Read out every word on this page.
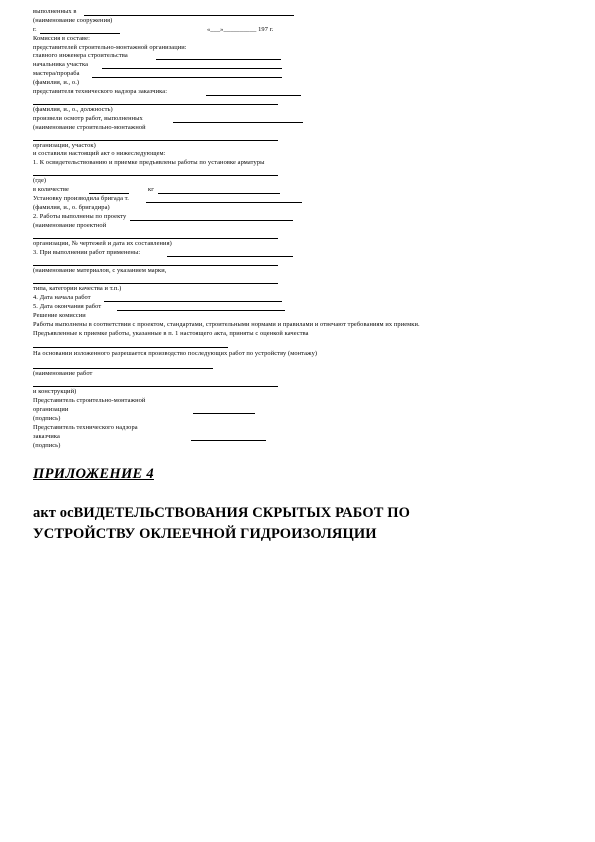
выполненных в
(наименование сооружения)
г.	«___»__________ 197 г.
Комиссия в составе:
представителей строительно-монтажной организации:
главного инженера строительства
начальника участка
мастера/прораба
(фамилия, и., о.)
представителя технического надзора заказчика:
(фамилия, и., о., должность)
произвели осмотр работ, выполненных
(наименование строительно-монтажной
организации, участок)
и составили настоящий акт о нижеследующем:
1. К освидетельствованию и приемке предъявлены работы по установке арматуры
(где)
в количестве	кг
Установку производила бригада т.
(фамилия, и., о. бригадира)
2. Работы выполнены по проекту
(наименование проектной
организации, № чертежей и дата их составления)
3. При выполнении работ применены:
(наименование материалов, с указанием марки,
типа, категории качества и т.п.)
4. Дата начала работ
5. Дата окончания работ
Решение комиссии
Работы выполнены в соответствии с проектом, стандартами, строительными нормами и правилами и отвечают требованиям их приемки.
Предъявленные к приемке работы, указанные в п. 1 настоящего акта, приняты с оценкой качества
На основании изложенного разрешается производство последующих работ по устройству (монтажу)
(наименование работ
и конструкций)
Представитель строительно-монтажной
организации
(подпись)
Представитель технического надзора
заказчика
(подпись)
ПРИЛОЖЕНИЕ 4
акт осВИДЕТЕЛЬСТВОВАНИЯ СКРЫТЫХ РАБОТ ПО
УСТРОЙСТВУ ОКЛЕЕЧНОЙ ГИДРОИЗОЛЯЦИИ
